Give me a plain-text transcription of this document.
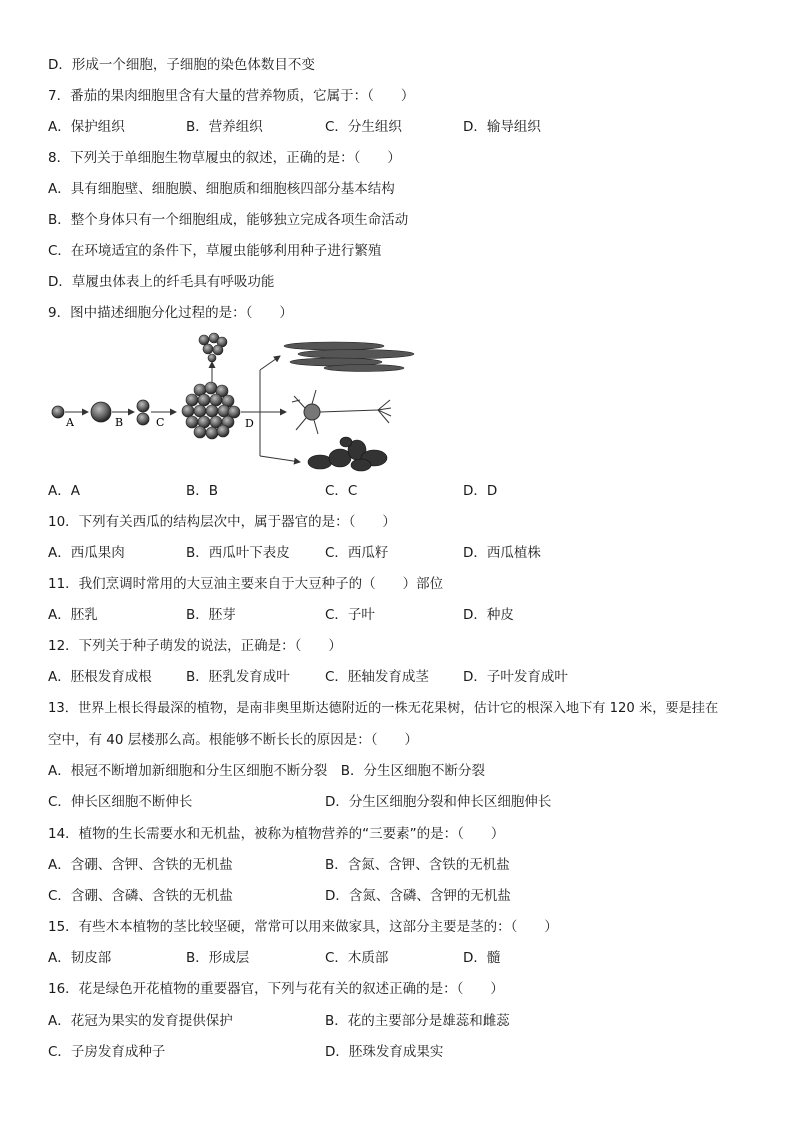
D．形成一个细胞，子细胞的染色体数目不变
7．番茄的果肉细胞里含有大量的营养物质，它属于：（　　）
A．保护组织	B．营养组织	C．分生组织	D．输导组织
8．下列关于单细胞生物草履虫的叙述，正确的是：（　　）
A．具有细胞壁、细胞膜、细胞质和细胞核四部分基本结构
B．整个身体只有一个细胞组成，能够独立完成各项生命活动
C．在环境适宜的条件下，草履虫能够利用种子进行繁殖
D．草履虫体表上的纤毛具有呼吸功能
9．图中描述细胞分化过程的是：（　　）
A	B	C	D
A．A	B．B	C．C	D．D
10．下列有关西瓜的结构层次中，属于器官的是：（　　）
A．西瓜果肉	B．西瓜叶下表皮	C．西瓜籽	D．西瓜植株
11．我们烹调时常用的大豆油主要来自于大豆种子的（　　）部位
A．胚乳	B．胚芽	C．子叶	D．种皮
12．下列关于种子萌发的说法，正确是：（　　）
A．胚根发育成根	B．胚乳发育成叶	C．胚轴发育成茎	D．子叶发育成叶
13．世界上根长得最深的植物，是南非奥里斯达德附近的一株无花果树，估计它的根深入地下有 120 米，要是挂在
空中，有 40 层楼那么高。根能够不断长长的原因是：（　　）
A．根冠不断增加新细胞和分生区细胞不断分裂　B．分生区细胞不断分裂
C．伸长区细胞不断伸长	D．分生区细胞分裂和伸长区细胞伸长
14．植物的生长需要水和无机盐，被称为植物营养的“三要素”的是：（　　）
A．含硼、含钾、含铁的无机盐	B．含氮、含钾、含铁的无机盐
C．含硼、含磷、含铁的无机盐	D．含氮、含磷、含钾的无机盐
15．有些木本植物的茎比较坚硬，常常可以用来做家具，这部分主要是茎的：（　　）
A．韧皮部	B．形成层	C．木质部	D．髓
16．花是绿色开花植物的重要器官，下列与花有关的叙述正确的是：（　　）
A．花冠为果实的发育提供保护	B．花的主要部分是雄蕊和雌蕊
C．子房发育成种子	D．胚珠发育成果实
